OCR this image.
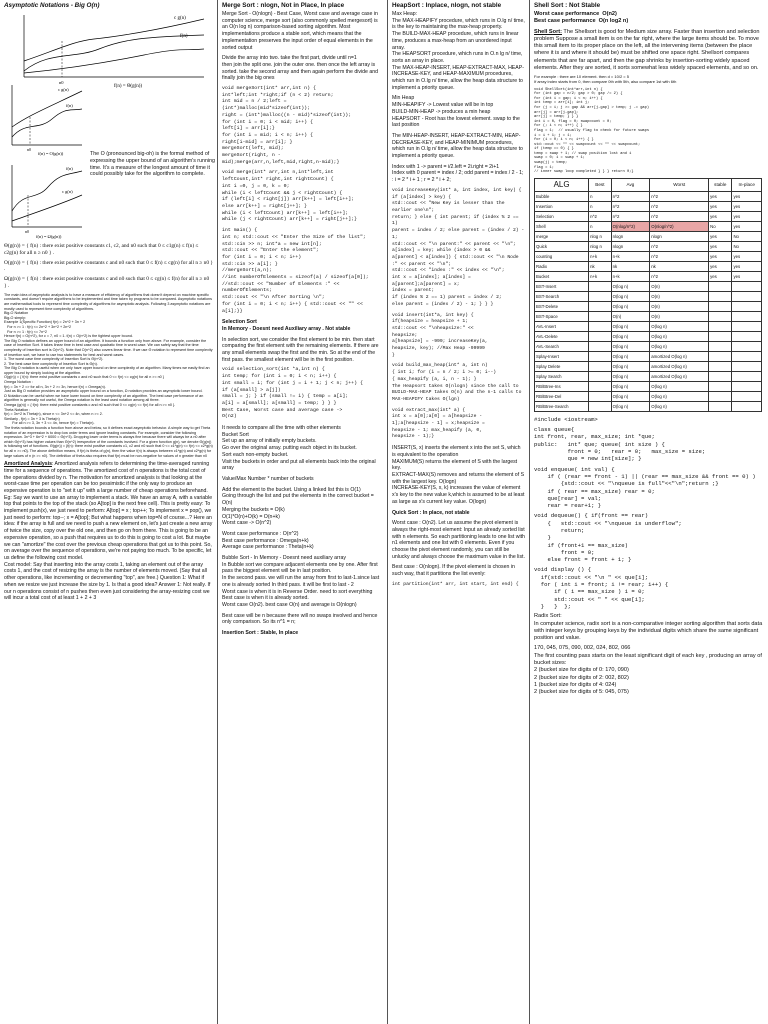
Asymptotic Notations - Big O(n)
c g(n)
f(n)
n0
f(n) = Θ(g(n))
c g(n)
f(n)
n0
f(n) = O(g(n))
f(n)
c g(n)
n0
f(n) = Ω(g(n))
The O (pronounced big-oh) is the formal method of expressing the upper bound of an algorithm's running time. It's a measure of the longest amount of time it could possibly take for the algorithm to complete.
Θ(g(n)) = { f(n) : there exist positive constants c1, c2, and n0 such that 0 ≤ c1g(n) ≤ f(n) ≤ c2g(n) for all n ≥ n0 } .
O(g(n)) = { f(n) : there exist positive constants c and n0 such that 0 ≤ f(n) ≤ cg(n) for all n ≥ n0 } .
Ω(g(n)) = { f(n) : there exist positive constants c and n0 such that 0 ≤ cg(n) ≤ f(n) for all n ≥ n0 } .
The main idea of asymptotic analysis is to have a measure of efficiency of algorithms that doesn't depend on machine specific constants, and doesn't require algorithms to be implemented and time taken by programs to be compared. Asymptotic notations are mathematical tools to represent time complexity of algorithms for asymptotic analysis. Following 3 asymptotic notations are mostly used to represent time complexity of algorithms.
Big-O Notation
Big-O simply:
Example 1(Specific Function) f(n) = 2n^2 + 3n + 2
For n >= 1 : f(n) <= 2n^2 + 3n^2 + 2n^2
For n >= 1 : f(n) <= 7n^2
Hence f(n) = O(n^2), for c = 7, n0 = 1. f(n) = O(n^2) is the tightest upper bound.
The Big O notation defines an upper bound of an algorithm. It bounds a function only from above. For example, consider the case of Insertion Sort. It takes linear time in best case and quadratic time in worst case. We can safely say that the time complexity of Insertion sort is O(n^2). Note that O(n^2) also covers linear time. If we use Θ notation to represent time complexity of Insertion sort, we have to use two statements for best and worst cases.
1. The worst case time complexity of Insertion Sort is Θ(n^2).
2. The best case time complexity of Insertion Sort is Θ(n).
The Big O notation is useful when we only have upper bound on time complexity of an algorithm. Many times we easily find an upper bound by simply looking at the algorithm.
O(g(n)) = { f(n): there exist positive constants c and n0 such that 0 <= f(n) <= cg(n) for all n >= n0 }
Omega Notation :
f(n) = 3n + 2 => for all n, 3n + 2 >= 3n, hence f(n) = Omega(n).
Just as Big O notation provides an asymptotic upper bound on a function, Ω notation provides an asymptotic lower bound.
Ω Notation can be useful when we have lower bound on time complexity of an algorithm. The best case performance of an algorithm is generally not useful, the Omega notation is the least used notation among all three.
Omega (g(n)) = { f(n): there exist positive constants c and n0 such that 0 <= cg(n) <= f(n) for all n >= n0 }.
Theta Notation :
f(n) = 3n+2 is Theta(n), since n <= 3n+2 <= 4n, when n >= 2.
Similarly , f(n) = 3n + 3 is Theta(n)
For all n >= 3, 3n + 3 <= 4n, hence f(n) = Theta(n).
The theta notation bounds a function from above and below, so it defines exact asymptotic behavior. A simple way to get Theta notation of an expression is to drop low order terms and ignore leading constants. For example, consider the following expression. 3n^3 + 6n^2 + 6000 = Θ(n^3). Dropping lower order terms is always fine because there will always be a n0 after which Θ(n^3) has higher values than Θ(n^2) irrespective of the constants involved. For a given function g(n), we denote Θ(g(n)) is following set of functions. Θ(g(n)) = {f(n): there exist positive constants c1, c2 and n0 such that 0 <= c1*g(n) <= f(n) <= c2*g(n) for all n >= n0}. The above definition means, if f(n) is theta of g(n), then the value f(n) is always between c1*g(n) and c2*g(n) for large values of n (n >= n0). The definition of theta also requires that f(n) must be non-negative for values of n greater than n0
Amortized Analysis: Amortized analysis refers to determining the time-averaged running time for a sequence of operations. The amortized cost of n operations is the total cost of the operations divided by n. The motivation for amortized analysis is that looking at the worst-case time per operation can be too pessimistic if the only way to produce an expensive operation is to "set it up" with a large number of cheap operations beforehand. Eg: Say we want to use an array to implement a stack. We have an array A, with a variable top that points to the top of the stack (so A[top] is the next free cell). This is pretty easy: To implement push(x), we just need to perform: A[top] = x ; top++; To implement x = pop(), we just need to perform: top--; x = A[top]; But what happens when top=N of course...? Here an idea: if the array is full and we need to push a new element on, let's just create a new array of twice the size, copy over the old one, and then go on from there. This is going to be an expensive operation, so a push that requires us to do this is going to cost a lot. But maybe we can "amortize" the cost over the previous cheap operations that got us to this point. So, on average over the sequence of operations, we're not paying too much. To be specific, let us define the following cost model.
Cost model: Say that inserting into the array costs 1, taking an element out of the array costs 1, and the cost of resizing the array is the number of elements moved. (Say that all other operations, like incrementing or decrementing "top", are free.) Question 1: What if when we resize we just increase the size by 1. Is that a good idea? Answer 1: Not really. If our n operations consist of n pushes then even just considering the array-resizing cost we will incur a total cost of at least 1 + 2 + 3
Merge Sort : nlogn, Not in Place, In place
Merge Sort - O(nlogn) - Best Case, Worst case and average case in computer science, merge sort (also commonly spelled mergesort) is an O(n log n) comparison-based sorting algorithm. Most implementations produce a stable sort, which means that the implementation preserves the input order of equal elements in the sorted output
Divide the array into two. take the first part, divide until n=1
then join the split one. join the outer one. then once the left array is sorted. take the second array and then again perform the divide and finally join the big ones
void mergeSort(int* arr,int n) {
int*left;int *right;if (n < 2) return;
int mid = n / 2;left =
(int*)malloc(mid*sizeof(int));
right = (int*)malloc((n - mid)*sizeof(int));
for (int i = 0; i < mid; i++) {
left[i] = arr[i];}
for (int i = mid; i < n; i++) {
right[i-mid] = arr[i]; }
mergeSort(left, mid);
mergeSort(right, n -
mid);merge(arr,n,left,mid,right,n-mid);}
void merge(int* arr,int n,int*left,int
leftCount,int* right,int rightCount) {
int i =0, j = 0, k = 0;
while (i < leftCount && j < rightCount) {
if (left[i] < right[j]) arr[k++] = left[i++];
else arr[k++] = right[j++]; }
while (i < leftCount) arr[k++] = left[i++];
while (j < rightCount) arr[k++] = right[j++];}
int main() {
int n; std::cout << "Enter the Size of the list";
std::cin >> n; int*a = new int[n];
std::cout << "Enter the element";
for (int i = 0; i < n; i++)
std::cin >> a[i]; }
//mergeSort(a,n);
//int numberOfElements = sizeof(a) / sizeof(a[0]);
//std::cout << "Number of Elements :" <<
numberOfElements;
std::cout << "\n After Sorting \n";
for (int i = 0; i < n; i++) { std::cout << "" <<
a[i];}}
Selection Sort
In Memory - Doesnt need Auxiliary array . Not stable
In selection sort, we consider the first element to be min. then start comparing the first element with the remaining elements. If there are any small elements swap the first and the min. So at the end of the first pass. the smallest element will be in the first position.
void selection_sort(int *a,int n) {
int temp; for (int i = 0; i < n; i++) {
int small = i; for (int j = i + 1; j < n; j++) {
if (a[small] > a[j])
small = j; } if (small != i) { temp = a[i];
a[i] = a[small]; a[small] = temp; } } }
Best Case, Worst case and average case ->
O(n2)
It needs to compare all the time with other elements
Bucket Sort
Set up an array of initially empty buckets.
Go over the original array. putting each object in its bucket.
Sort each non-empty bucket.
Visit the buckets in order and put all elements back into the original array
Value/Max Number * number of buckets
Add the element to the bucket. Using a linked list this is O(1)
Going through the list and put the elements in the correct bucket = O(n)
Merging the buckets = O(k)
O(1)*O(n)+O(k) = O(n+k)
Worst case -> O(n^2)
Worst case performance : O(n^2)
Best case performance : Omega(n+k)
Average case performance : Theta(n+k)
Bubble Sort - In Memory - Doesnt need auxiliary array
In Bubble sort we compare adjacent elements one by one. After first pass the biggest element will be in last position.
In the second pass. we will run the array from first to last-1.since last one is already sorted In third pass. it will be first to last - 2
Worst case is when it is in Reverse Order. need to sort everything
Best case is when it is already sorted.
Worst case O(n2). best case O(n) and average is O(nlogn)
Best case will be n because there will no swaps involved and hence only comparison. So its n^1 = n;
Insertion Sort : Stable, In place
HeapSort : Inplace, nlogn, not stable
Max Heap:
The MAX-HEAPIFY procedure, which runs in O.lg n/ time, is the key to maintaining the max-heap property.
The BUILD-MAX-HEAP procedure, which runs in linear time, produces a max-heap from an unordered input array.
The HEAPSORT procedure, which runs in O.n lg n/ time, sorts an array in place.
The MAX-HEAP-INSERT, HEAP-EXTRACT-MAX, HEAP-INCREASE-KEY, and HEAP-MAXIMUM procedures, which run in O.lg n/ time, allow the heap data structure to implement a priority queue.
Min Heap
MIN-HEAPIFY -> Lowest value will be in top
BUILD-MIN-HEAP -> produces a min heap
HEAPSORT - Root has the lowest element. swap to the last position
The MIN-HEAP-INSERT, HEAP-EXTRACT-MIN, HEAP-DECREASE-KEY, and HEAP-MINIMUM procedures, which run in O.lg n/ time, allow the heap data structure to implement a priority queue.
Index with 1 -> parent = i/2.left = 2i.right = 2i+1
Index with 0 parent = index / 2; odd parent = index / 2 - 1;
: i = 2 * i + 1 ; r = 2 * i + 2;
void increaseKey(int* a, int index, int key) {
if (a[index] > key) {
std::cout << "New Key is lesser than the earlier one\n";
return; } else { int parent; if (index % 2 == 1)
parent = index / 2; else parent = (index / 2) - 1;
std::cout << "\n parent:" << parent << "\n";
a[index] = key; while (index > 0 &&
a[parent] < a[index]) { std::cout << "\n Node :" << parent << "\n";
std::cout << "index :" << index << "\n";
int x = a[index]; a[index] =
a[parent];a[parent] = x;
index = parent;
if (index % 2 == 1) parent = index / 2;
else parent = (index / 2) - 1; } } }
void insert(int*a, int key) {
if(heapsize = heapsize + 1;
std::cout << "\nheapsize:" <<
heapsize;
a[heapsize] = -999; increaseKey(a,
heapsize, key); //Max Heap -99999
}
void build_max_heap(int* a, int n)
{ int i; for (i = n / 2; i >= 0; i--)
{ max_heapify (a, i, n - 1); }
The Heapsort takes O(nlogn) since the call to BUILD-MAX-HEAP takes O(n) and the n-1 calls to MAX-HEAPIFY takes O(lgn)
void extract_max(int* a) {
int x = a[0];a[0] = a[heapsize -
1];a[heapsize - 1] = x;heapsize =
heapsize - 1; max_heapify (a, 0,
heapsize - 1);}
INSERT(S, x) inserts the element x into the set S, which is equivalent to the operation
MAXIMUM(S) returns the element of S with the largest key.
EXTRACT-MAX(S) removes and returns the element of S with the largest key. O(logn)
INCREASE-KEY(S, x, k) increases the value of element x's key to the new value k,which is assumed to be at least as large as x's current key value. O(logn)
Quick Sort : In place, not stable
Worst case : O(n2). Let us assume the pivot element is always the right-most element: Input an already sorted list with n elements. So each partitioning leads to one list with n1 elements and one list with 0 elements. Even if you choose the pivot element randomly, you can still be unlucky and always choose the maximum value in the list.
Best case : O(nlogn). If the pivot element is chosen in such way, that it partitions the list evenly:
int partition(int* arr, int start, int end) {
Shell Sort : Not Stable
Worst case performance  O(n2)
Best case performance  O(n log2 n)
Shell Sort: The Shellsort is good for Medium size array. Faster than insertion and selection problem Suppose a small item is on the far right, where the large items should be. To move this small item to its proper place on the left, all the intervening items (between the place where it is and where it should be) must be shifted one space right. Shellsort compares elements that are far apart, and then the gap shrinks by insertion-sorting widely spaced elements. After they are sorted, it sorts somewhat less widely spaced elements, and so on.
For example : there are 10 element. then d = 10/2 = 5
If array index starts from 0, then compare 0th with 5th, also compare 1st with 6th
void ShellSort(int*arr,int n) {
for (int gap = n/2; gap > 0; gap /= 2) {
for (int i = gap; i < n; i++) {
int temp = arr[i]; int j;
for (j = i; j >= gap && arr[j-gap] > temp; j -= gap)
arr[j] = arr[j-gap];
arr[j] = temp; } } }
int i = 0, flag = 0; swapcount = 0;
for (; i < n; i++) { }
flag = 1;  // usually flag to check for future swaps
i = i + 1; j = 1;
for (i = 0; i < n; i++) { }
std::cout << "" << swapcount << "" << swapcount;
if (temp == 0) { }
temp = swap + 1; // swap position lost and i
swap = 0; i = swap + 1;
swap(j) = temp;
flag = 1;
// inner swap loop completed } } } return 0;}
ALG	Best	Avg	Worst	stable	In-place
Bubble	n	n^2	n^2	yes	yes
Insertion	n	n^2	n^2	yes	yes
Selection	n^2	n^2	n^2	yes	yes
Shell	n	O(nlog/n^2)	O(nlog/n^2)	No	yes
merge	nlog n	nlogn	nlogn	yes	No
Quick	nlog n	nlogn	n^2	yes	No
counting	n+k	n+k	n^2	yes	yes
Radix	nk	nk	nk	yes	yes
Bucket	n+k	n+k	n^2	yes	yes
BST-Insert		O(log n)	O(n)		
BST-Search		O(log n)	O(n)		
BST-Delete		O(log n)	O(n)		
BST-Space		O(n)	O(n)		
AVL-Insert		O(log n)	O(log n)		
AVL-Delete		O(log n)	O(log n)		
AVL-Search		O(log n)	O(log n)		
Splay-Insert		O(log n)	amortized O(log n)		
Splay Delete		O(log n)	amortized O(log n)		
Splay Search		O(log n)	amortized O(log n)		
RB/Btree-Ins		O(log n)	O(log n)		
RB/Btree-Del		O(log n)	O(log n)		
RB/Btree-Search		O(log n)	O(log n)		
#include <iostream>
class queue{
int front, rear, max_size; int *que;
public:   int* que; queue( int size ) {
front = 0;   rear = 0;   max_size = size;
que = new int[size]; }
void enqueue( int val) {
if ( (rear == front - 1) || (rear == max_size && front == 0) )
{std::cout << "\nqueue is full"<<"\n";return ;}
if ( rear == max_size) rear = 0;
que[rear] = val;
rear = rear+1; }
void dequeue() { if(front == rear)
{   std::cout << "\nqueue is underflow";
return;
}
if (front+1 == max_size)
front = 0;
else front = front + 1; }
void display () {
if(std::cout << "\n " << que[i];
for ( int i = front; i != rear; i++) {
if ( i == max_size ) i = 0;
std::cout << " " << que[i];
}   }  };
Radix Sort:
In computer science, radix sort is a non-comparative integer sorting algorithm that sorts data with integer keys by grouping keys by the individual digits which share the same significant position and value.
170, 045, 075, 090, 002, 024, 802, 066
The first counting pass starts on the least significant digit of each key , producing an array of bucket sizes:
2 (bucket size for digits of 0: 170, 090)
2 (bucket size for digits of 2: 002, 802)
1 (bucket size for digits of 4: 024)
2 (bucket size for digits of 5: 045, 075)
